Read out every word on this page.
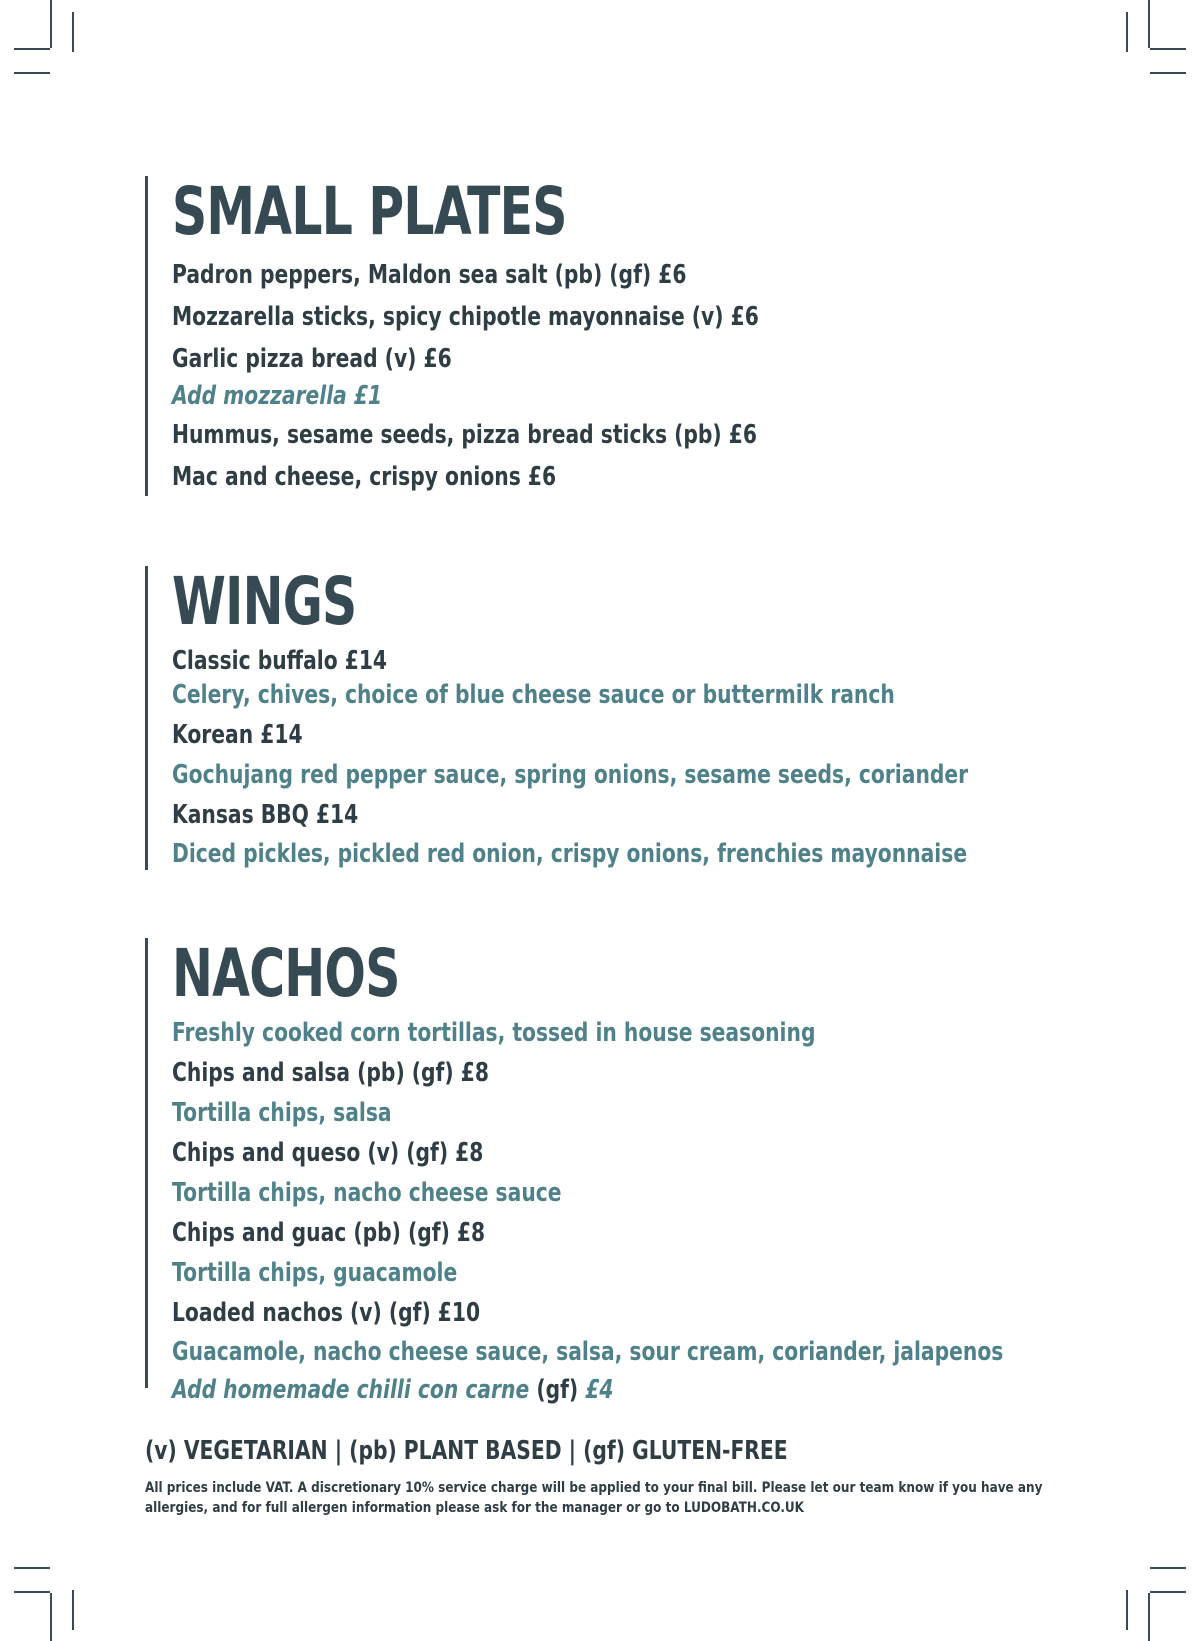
SMALL PLATES
Padron peppers, Maldon sea salt (pb) (gf) £6
Mozzarella sticks, spicy chipotle mayonnaise (v) £6
Garlic pizza bread (v) £6
Add mozzarella £1
Hummus, sesame seeds, pizza bread sticks (pb) £6
Mac and cheese, crispy onions £6
WINGS
Classic buffalo £14
Celery, chives, choice of blue cheese sauce or buttermilk ranch
Korean £14
Gochujang red pepper sauce, spring onions, sesame seeds, coriander
Kansas BBQ £14
Diced pickles, pickled red onion, crispy onions, frenchies mayonnaise
NACHOS
Freshly cooked corn tortillas, tossed in house seasoning
Chips and salsa (pb) (gf) £8
Tortilla chips, salsa
Chips and queso (v) (gf) £8
Tortilla chips, nacho cheese sauce
Chips and guac (pb) (gf) £8
Tortilla chips, guacamole
Loaded nachos (v) (gf) £10
Guacamole, nacho cheese sauce, salsa, sour cream, coriander, jalapenos
Add homemade chilli con carne (gf) £4
(v) VEGETARIAN | (pb) PLANT BASED | (gf) GLUTEN-FREE
All prices include VAT. A discretionary 10% service charge will be applied to your final bill. Please let our team know if you have any allergies, and for full allergen information please ask for the manager or go to LUDOBATH.CO.UK
